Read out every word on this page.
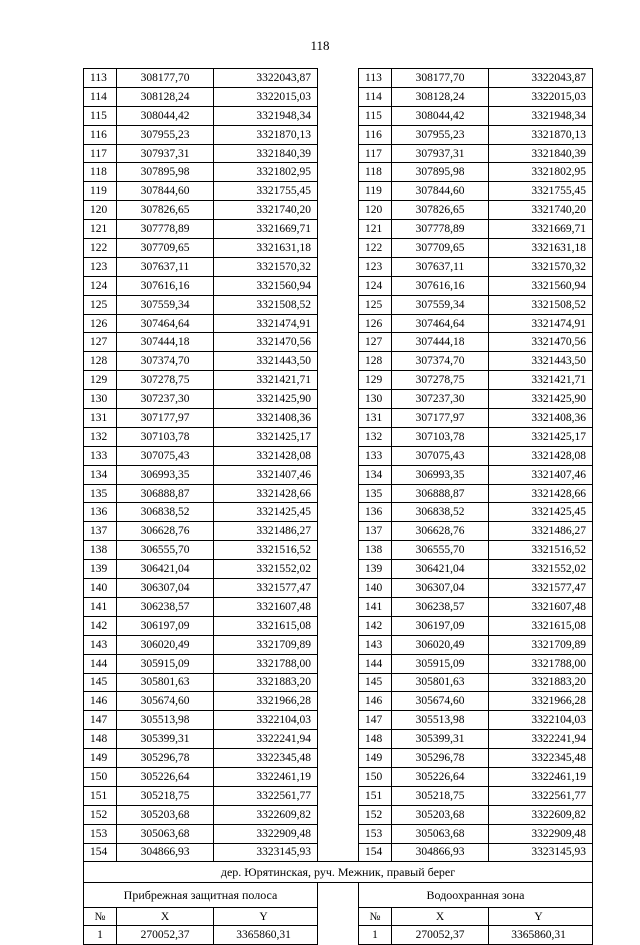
118
113	308177,70	3322043,87		113	308177,70	3322043,87
114	308128,24	3322015,03		114	308128,24	3322015,03
115	308044,42	3321948,34		115	308044,42	3321948,34
116	307955,23	3321870,13		116	307955,23	3321870,13
117	307937,31	3321840,39		117	307937,31	3321840,39
118	307895,98	3321802,95		118	307895,98	3321802,95
119	307844,60	3321755,45		119	307844,60	3321755,45
120	307826,65	3321740,20		120	307826,65	3321740,20
121	307778,89	3321669,71		121	307778,89	3321669,71
122	307709,65	3321631,18		122	307709,65	3321631,18
123	307637,11	3321570,32		123	307637,11	3321570,32
124	307616,16	3321560,94		124	307616,16	3321560,94
125	307559,34	3321508,52		125	307559,34	3321508,52
126	307464,64	3321474,91		126	307464,64	3321474,91
127	307444,18	3321470,56		127	307444,18	3321470,56
128	307374,70	3321443,50		128	307374,70	3321443,50
129	307278,75	3321421,71		129	307278,75	3321421,71
130	307237,30	3321425,90		130	307237,30	3321425,90
131	307177,97	3321408,36		131	307177,97	3321408,36
132	307103,78	3321425,17		132	307103,78	3321425,17
133	307075,43	3321428,08		133	307075,43	3321428,08
134	306993,35	3321407,46		134	306993,35	3321407,46
135	306888,87	3321428,66		135	306888,87	3321428,66
136	306838,52	3321425,45		136	306838,52	3321425,45
137	306628,76	3321486,27		137	306628,76	3321486,27
138	306555,70	3321516,52		138	306555,70	3321516,52
139	306421,04	3321552,02		139	306421,04	3321552,02
140	306307,04	3321577,47		140	306307,04	3321577,47
141	306238,57	3321607,48		141	306238,57	3321607,48
142	306197,09	3321615,08		142	306197,09	3321615,08
143	306020,49	3321709,89		143	306020,49	3321709,89
144	305915,09	3321788,00		144	305915,09	3321788,00
145	305801,63	3321883,20		145	305801,63	3321883,20
146	305674,60	3321966,28		146	305674,60	3321966,28
147	305513,98	3322104,03		147	305513,98	3322104,03
148	305399,31	3322241,94		148	305399,31	3322241,94
149	305296,78	3322345,48		149	305296,78	3322345,48
150	305226,64	3322461,19		150	305226,64	3322461,19
151	305218,75	3322561,77		151	305218,75	3322561,77
152	305203,68	3322609,82		152	305203,68	3322609,82
153	305063,68	3322909,48		153	305063,68	3322909,48
154	304866,93	3323145,93		154	304866,93	3323145,93
дер. Юрятинская, руч. Межник, правый берег						
Прибрежная защитная полоса				Водоохранная зона		
№	X	Y		№	X	Y
1	270052,37	3365860,31		1	270052,37	3365860,31
